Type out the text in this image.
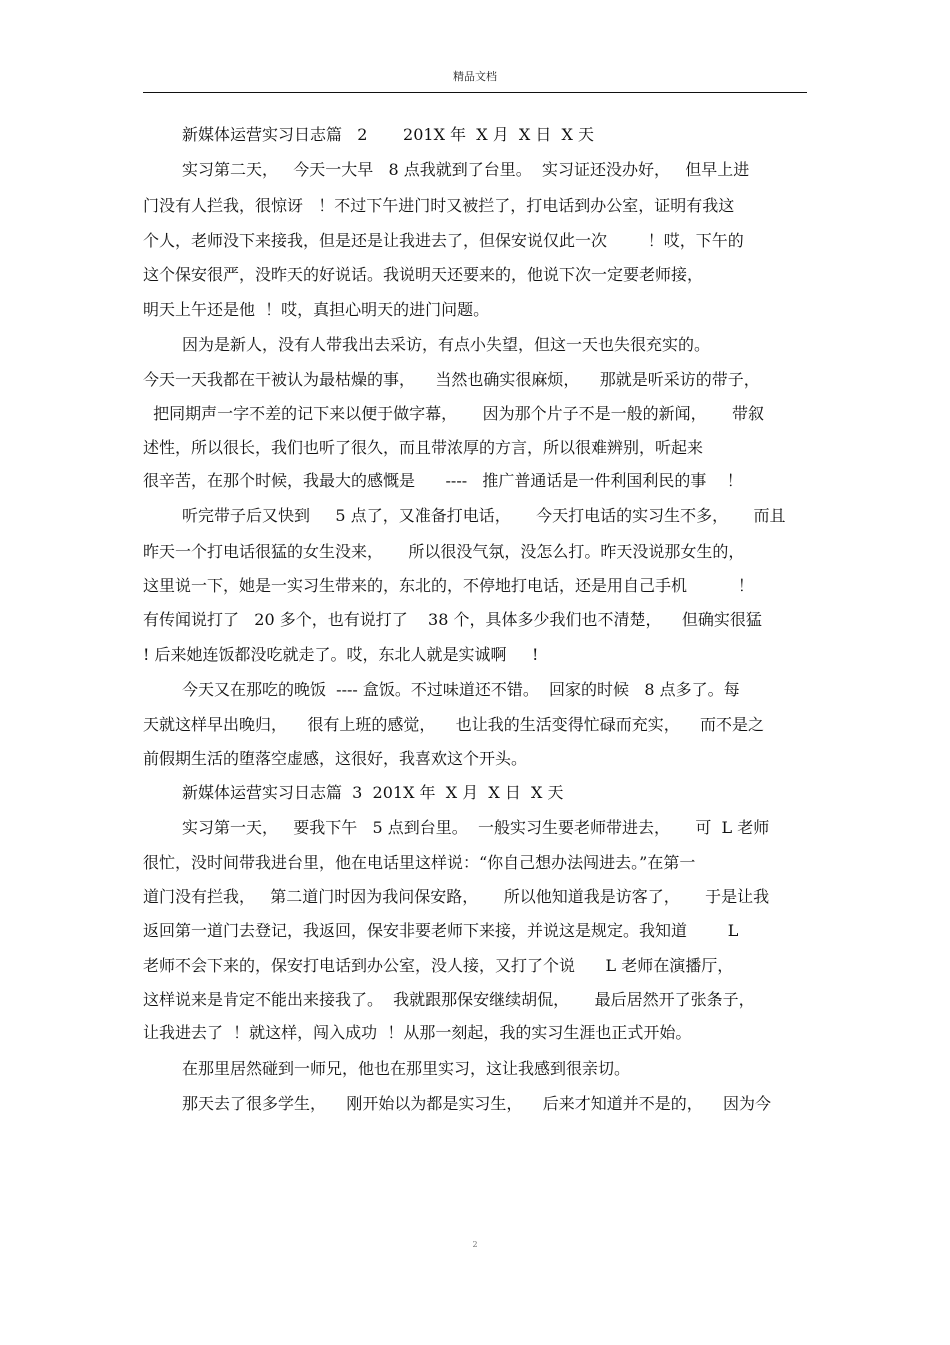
精品文档
新媒体运营实习日志篇   2       201X 年  X 月  X 日  X 天
实习第二天，   今天一大早   8 点我就到了台里。  实习证还没办好，   但早上进
门没有人拦我，很惊讶   ！不过下午进门时又被拦了，打电话到办公室，证明有我这
个人，老师没下来接我，但是还是让我进去了，但保安说仅此一次        ！哎，下午的
这个保安很严，没昨天的好说话。我说明天还要来的，他说下次一定要老师接，
明天上午还是他  ！哎，真担心明天的进门问题。
因为是新人，没有人带我出去采访，有点小失望，但这一天也失很充实的。
今天一天我都在干被认为最枯燥的事，    当然也确实很麻烦，    那就是听采访的带子，
把同期声一字不差的记下来以便于做字幕，     因为那个片子不是一般的新闻，     带叙
述性，所以很长，我们也听了很久，而且带浓厚的方言，所以很难辨别，听起来
很辛苦，在那个时候，我最大的感慨是      ----   推广普通话是一件利国利民的事    ！
听完带子后又快到     5 点了，又准备打电话，     今天打电话的实习生不多，     而且
昨天一个打电话很猛的女生没来，     所以很没气氛，没怎么打。昨天没说那女生的，
这里说一下，她是一实习生带来的，东北的，不停地打电话，还是用自己手机          ！
有传闻说打了   20 多个，也有说打了    38 个，具体多少我们也不清楚，    但确实很猛
! 后来她连饭都没吃就走了。哎，东北人就是实诚啊     !
今天又在那吃的晚饭  ---- 盒饭。不过味道还不错。  回家的时候   8 点多了。每
天就这样早出晚归，    很有上班的感觉，    也让我的生活变得忙碌而充实，    而不是之
前假期生活的堕落空虚感，这很好，我喜欢这个开头。
新媒体运营实习日志篇  3  201X 年  X 月  X 日  X 天
实习第一天，   要我下午   5 点到台里。  一般实习生要老师带进去，     可  L 老师
很忙，没时间带我进台里，他在电话里这样说：“你自己想办法闯进去。”在第一
道门没有拦我，   第二道门时因为我问保安路，     所以他知道我是访客了，     于是让我
返回第一道门去登记，我返回，保安非要老师下来接，并说这是规定。我知道        L
老师不会下来的，保安打电话到办公室，没人接，又打了个说      L 老师在演播厅，
这样说来是肯定不能出来接我了。  我就跟那保安继续胡侃，     最后居然开了张条子，
让我进去了  ！就这样，闯入成功  ！从那一刻起，我的实习生涯也正式开始。
在那里居然碰到一师兄，他也在那里实习，这让我感到很亲切。
那天去了很多学生，    刚开始以为都是实习生，    后来才知道并不是的，    因为今
2
